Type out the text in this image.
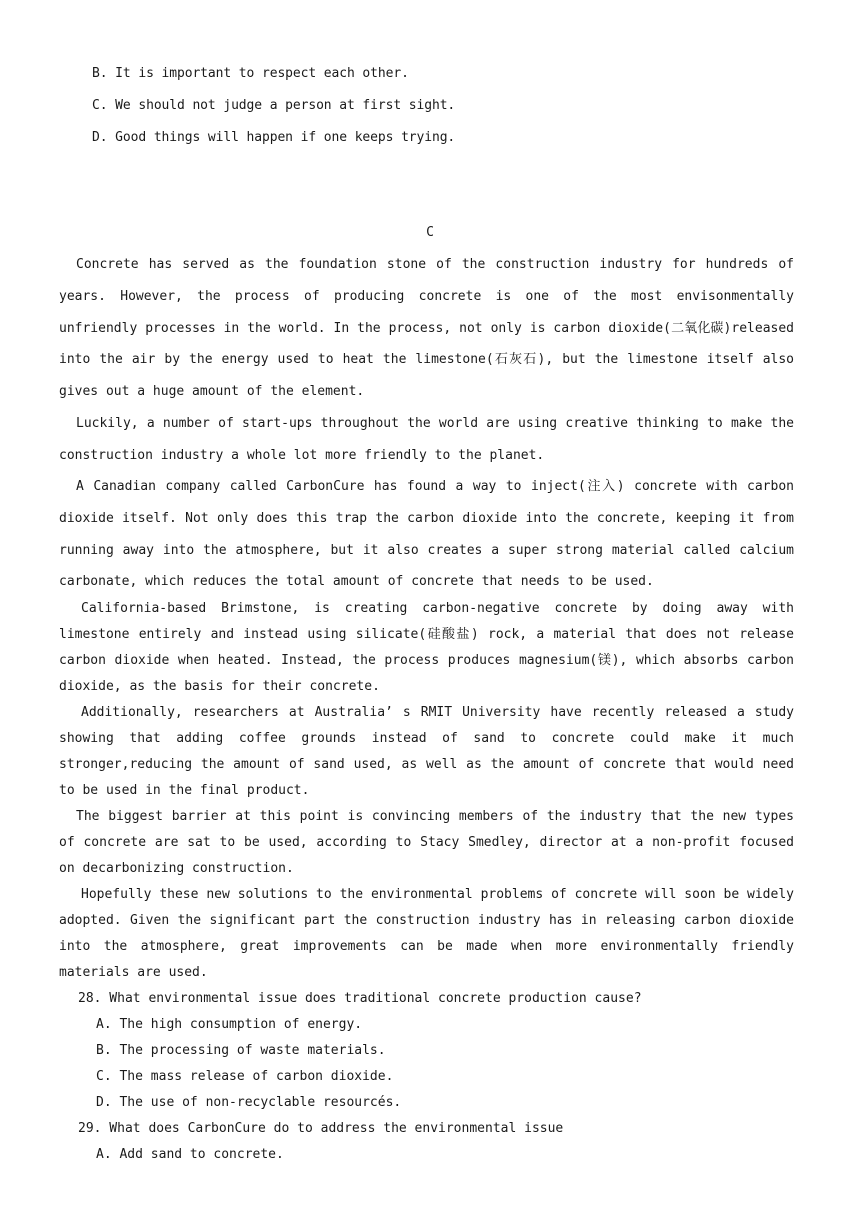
B. It is important to respect each other.
C. We should not judge a person at first sight.
D. Good things will happen if one keeps trying.
C
Concrete has served as the foundation stone of the construction industry for hundreds of years. However, the process of producing concrete is one of the most envisonmentally unfriendly processes in the world. In the process, not only is carbon dioxide(二氧化碳)released into the air by the energy used to heat the limestone(石灰石), but the limestone itself also gives out a huge amount of the element.
Luckily, a number of start-ups throughout the world are using creative thinking to make the construction industry a whole lot more friendly to the planet.
A Canadian company called CarbonCure has found a way to inject(注入) concrete with carbon dioxide itself. Not only does this trap the carbon dioxide into the concrete, keeping it from running away into the atmosphere, but it also creates a super strong material called calcium carbonate, which reduces the total amount of concrete that needs to be used.
California-based Brimstone, is creating carbon-negative concrete by doing away with limestone entirely and instead using silicate(硅酸盐) rock, a material that does not release carbon dioxide when heated. Instead, the process produces magnesium(镁), which absorbs carbon dioxide, as the basis for their concrete.
Additionally, researchers at Australia’ s RMIT University have recently released a study showing that adding coffee grounds instead of sand to concrete could make it much stronger,reducing the amount of sand used, as well as the amount of concrete that would need to be used in the final product.
The biggest barrier at this point is convincing members of the industry that the new types of concrete are sat to be used, according to Stacy Smedley, director at a non-profit focused on decarbonizing construction.
Hopefully these new solutions to the environmental problems of concrete will soon be widely adopted. Given the significant part the construction industry has in releasing carbon dioxide into the atmosphere, great improvements can be made when more environmentally friendly materials are used.
28. What environmental issue does traditional concrete production cause?
A. The high consumption of energy.
B. The processing of waste materials.
C. The mass release of carbon dioxide.
D. The use of non-recyclable resourcés.
29. What does CarbonCure do to address the environmental issue
A. Add sand to concrete.
